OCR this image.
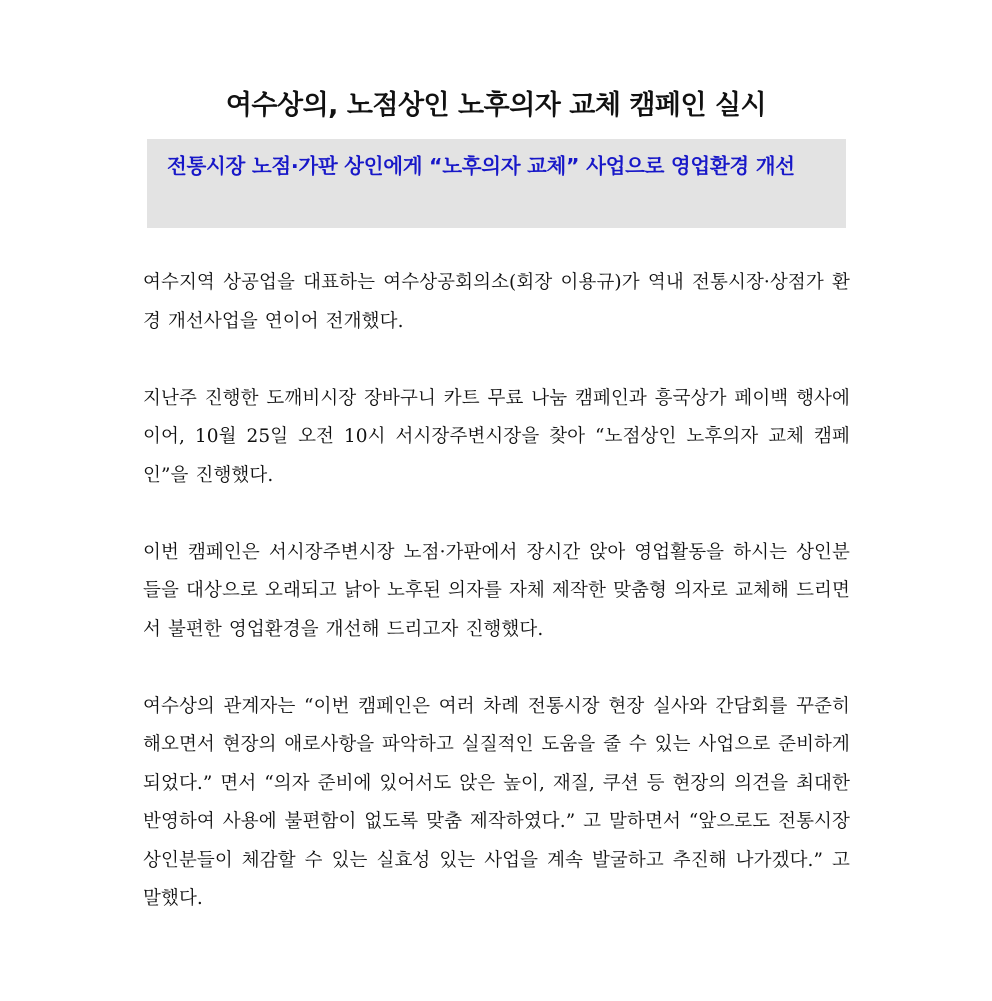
여수상의, 노점상인 노후의자 교체 캠페인 실시
전통시장 노점·가판 상인에게 “노후의자 교체” 사업으로 영업환경 개선

여수지역 상공업을 대표하는 여수상공회의소(회장 이용규)가 역내 전통시장·상점가 환경 개선사업을 연이어 전개했다.

지난주 진행한 도깨비시장 장바구니 카트 무료 나눔 캠페인과 흥국상가 페이백 행사에 이어, 10월 25일 오전 10시 서시장주변시장을 찾아 “노점상인 노후의자 교체 캠페인”을 진행했다.

이번 캠페인은 서시장주변시장 노점·가판에서 장시간 앉아 영업활동을 하시는 상인분들을 대상으로 오래되고 낡아 노후된 의자를 자체 제작한 맞춤형 의자로 교체해 드리면서 불편한 영업환경을 개선해 드리고자 진행했다.

여수상의 관계자는 “이번 캠페인은 여러 차례 전통시장 현장 실사와 간담회를 꾸준히 해오면서 현장의 애로사항을 파악하고 실질적인 도움을 줄 수 있는 사업으로 준비하게 되었다.” 면서 “의자 준비에 있어서도 앉은 높이, 재질, 쿠션 등 현장의 의견을 최대한 반영하여 사용에 불편함이 없도록 맞춤 제작하였다.” 고 말하면서 “앞으로도 전통시장 상인분들이 체감할 수 있는 실효성 있는 사업을 계속 발굴하고 추진해 나가겠다.” 고 말했다.
